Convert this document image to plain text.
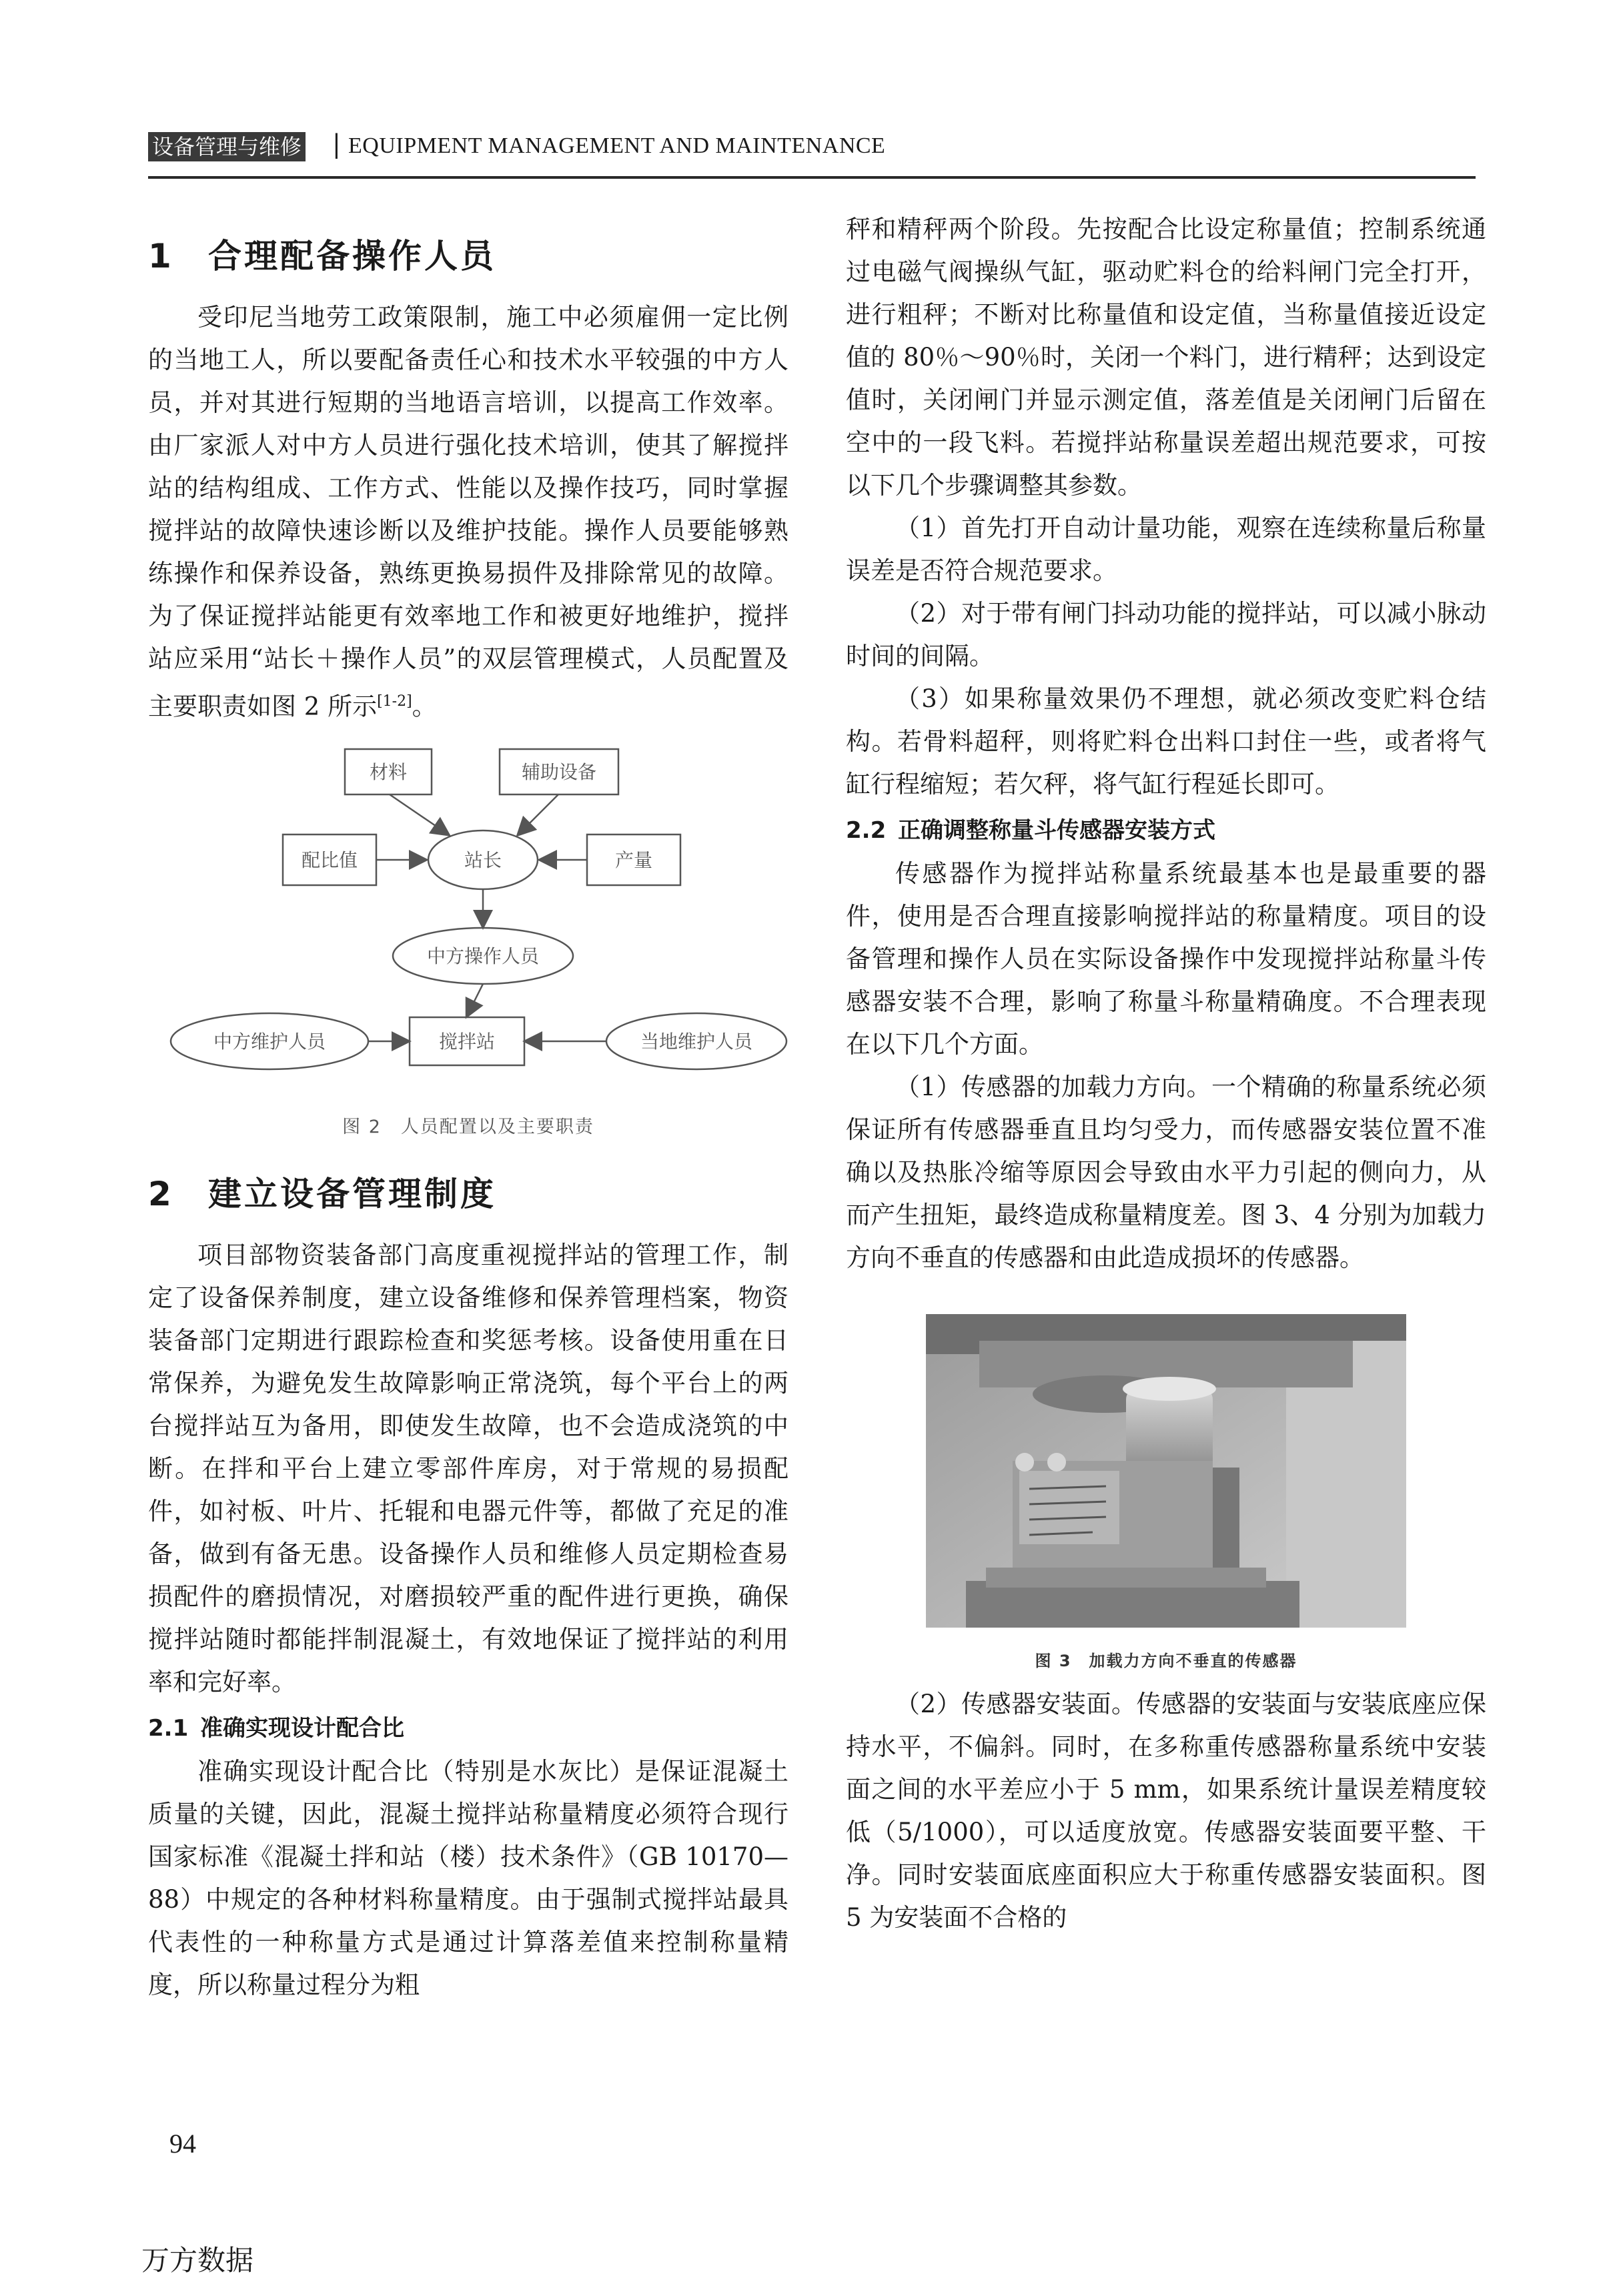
设备管理与维修 | EQUIPMENT MANAGEMENT AND MAINTENANCE
1 合理配备操作人员

受印尼当地劳工政策限制，施工中必须雇佣一定比例的当地工人，所以要配备责任心和技术水平较强的中方人员，并对其进行短期的当地语言培训，以提高工作效率。由厂家派人对中方人员进行强化技术培训，使其了解搅拌站的结构组成、工作方式、性能以及操作技巧，同时掌握搅拌站的故障快速诊断以及维护技能。操作人员要能够熟练操作和保养设备，熟练更换易损件及排除常见的故障。为了保证搅拌站能更有效率地工作和被更好地维护，搅拌站应采用“站长＋操作人员”的双层管理模式，人员配置及主要职责如图 2 所示[1-2]。

材料	辅助设备
配比值	站长	产量
中方操作人员
中方维护人员	搅拌站	当地维护人员
图 2　人员配置以及主要职责
2 建立设备管理制度

项目部物资装备部门高度重视搅拌站的管理工作，制定了设备保养制度，建立设备维修和保养管理档案，物资装备部门定期进行跟踪检查和奖惩考核。设备使用重在日常保养，为避免发生故障影响正常浇筑，每个平台上的两台搅拌站互为备用，即使发生故障，也不会造成浇筑的中断。在拌和平台上建立零部件库房，对于常规的易损配件，如衬板、叶片、托辊和电器元件等，都做了充足的准备，做到有备无患。设备操作人员和维修人员定期检查易损配件的磨损情况，对磨损较严重的配件进行更换，确保搅拌站随时都能拌制混凝土，有效地保证了搅拌站的利用率和完好率。

2.1 准确实现设计配合比

准确实现设计配合比（特别是水灰比）是保证混凝土质量的关键，因此，混凝土搅拌站称量精度必须符合现行国家标准《混凝土拌和站（楼）技术条件》（GB 10170—88）中规定的各种材料称量精度。由于强制式搅拌站最具代表性的一种称量方式是通过计算落差值来控制称量精度，所以称量过程分为粗

秤和精秤两个阶段。先按配合比设定称量值；控制系统通过电磁气阀操纵气缸，驱动贮料仓的给料闸门完全打开，进行粗秤；不断对比称量值和设定值，当称量值接近设定值的 80％～90％时，关闭一个料门，进行精秤；达到设定值时，关闭闸门并显示测定值，落差值是关闭闸门后留在空中的一段飞料。若搅拌站称量误差超出规范要求，可按以下几个步骤调整其参数。

（1）首先打开自动计量功能，观察在连续称量后称量误差是否符合规范要求。

（2）对于带有闸门抖动功能的搅拌站，可以减小脉动时间的间隔。

（3）如果称量效果仍不理想，就必须改变贮料仓结构。若骨料超秤，则将贮料仓出料口封住一些，或者将气缸行程缩短；若欠秤，将气缸行程延长即可。

2.2 正确调整称量斗传感器安装方式

传感器作为搅拌站称量系统最基本也是最重要的器件，使用是否合理直接影响搅拌站的称量精度。项目的设备管理和操作人员在实际设备操作中发现搅拌站称量斗传感器安装不合理，影响了称量斗称量精确度。不合理表现在以下几个方面。

（1）传感器的加载力方向。一个精确的称量系统必须保证所有传感器垂直且均匀受力，而传感器安装位置不准确以及热胀冷缩等原因会导致由水平力引起的侧向力，从而产生扭矩，最终造成称量精度差。图 3、4 分别为加载力方向不垂直的传感器和由此造成损坏的传感器。

图 3　加载力方向不垂直的传感器

（2）传感器安装面。传感器的安装面与安装底座应保持水平，不偏斜。同时，在多称重传感器称量系统中安装面之间的水平差应小于 5 mm，如果系统计量误差精度较低（5/1000），可以适度放宽。传感器安装面要平整、干净。同时安装面底座面积应大于称重传感器安装面积。图 5 为安装面不合格的

94
万方数据
